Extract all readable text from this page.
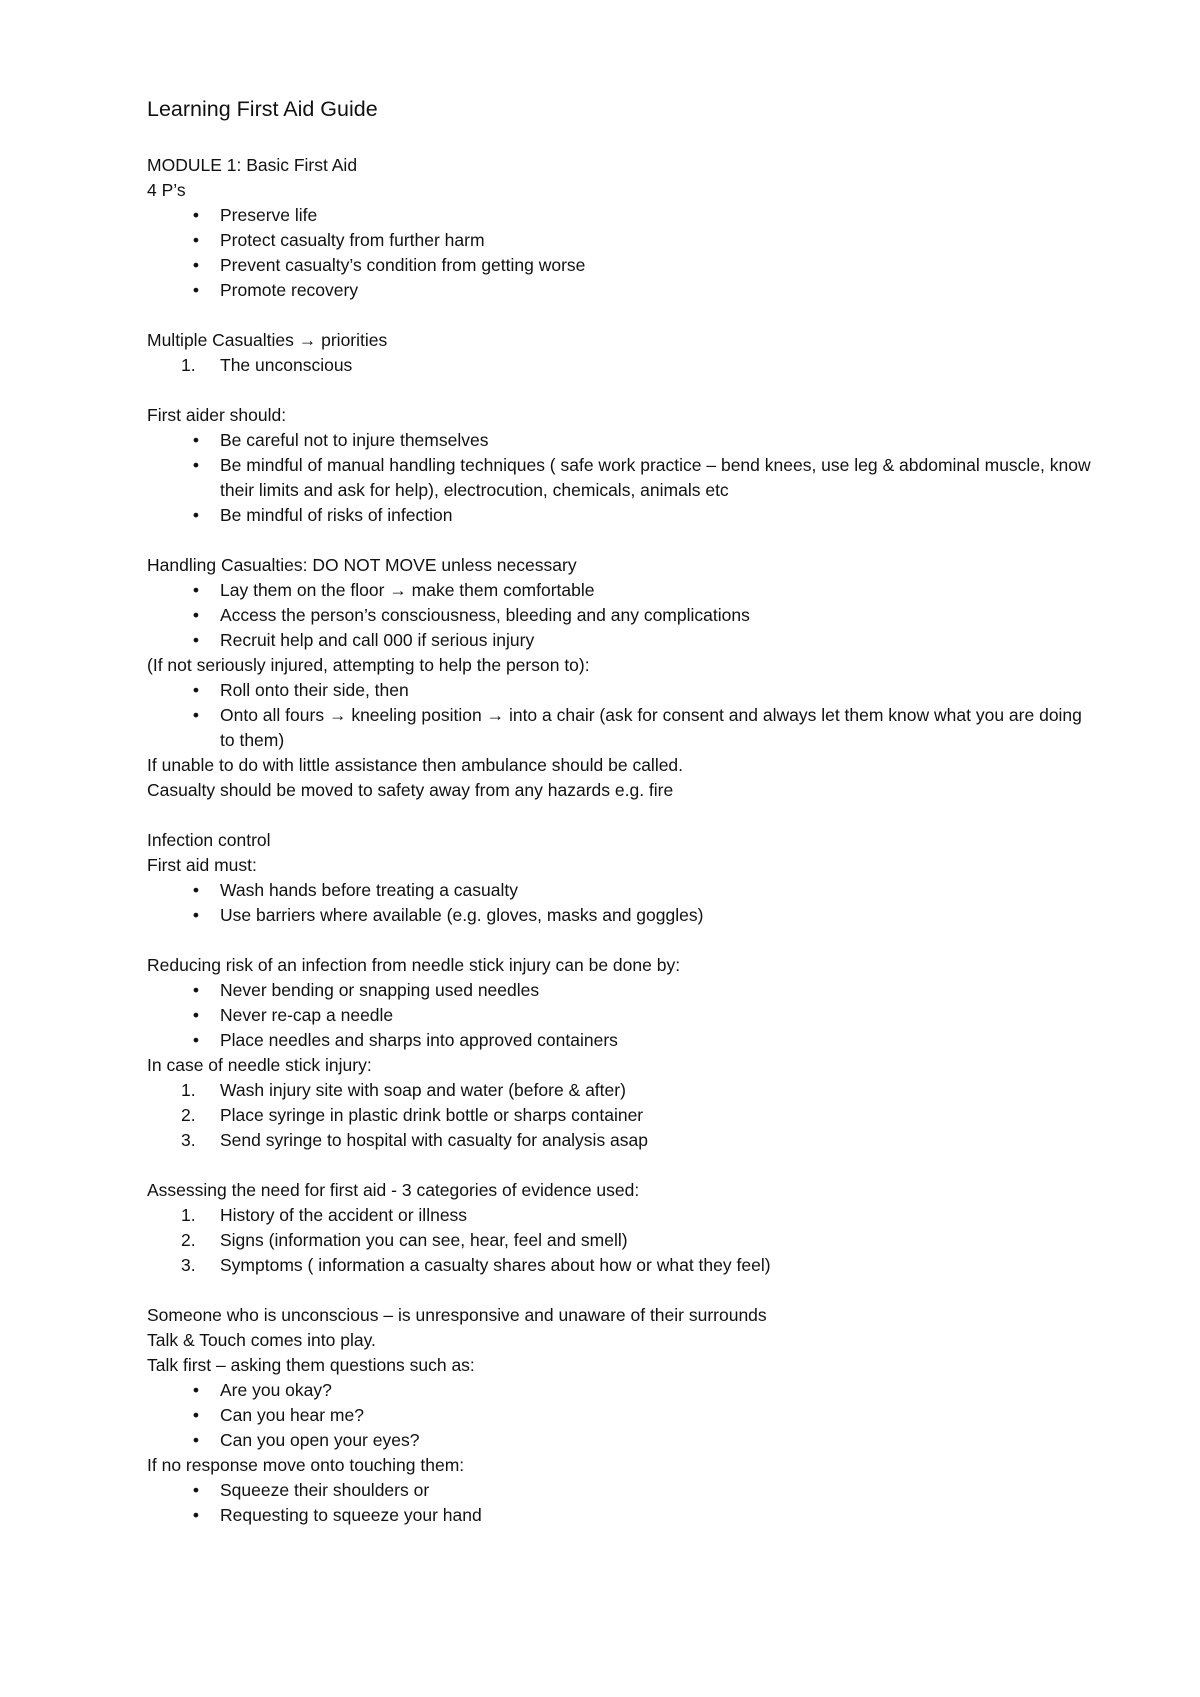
Learning First Aid Guide
MODULE 1: Basic First Aid
4 P’s
•	Preserve life
•	Protect casualty from further harm
•	Prevent casualty’s condition from getting worse
•	Promote recovery
Multiple Casualties → priorities
1.	The unconscious
First aider should:
•	Be careful not to injure themselves
•	Be mindful of manual handling techniques ( safe work practice – bend knees, use leg & abdominal muscle, know their limits and ask for help), electrocution, chemicals, animals etc
•	Be mindful of risks of infection
Handling Casualties: DO NOT MOVE unless necessary
•	Lay them on the floor → make them comfortable
•	Access the person’s consciousness, bleeding and any complications
•	Recruit help and call 000 if serious injury
(If not seriously injured, attempting to help the person to):
•	Roll onto their side, then
•	Onto all fours → kneeling position → into a chair (ask for consent and always let them know what you are doing to them)
If unable to do with little assistance then ambulance should be called.
Casualty should be moved to safety away from any hazards e.g. fire
Infection control
First aid must:
•	Wash hands before treating a casualty
•	Use barriers where available (e.g. gloves, masks and goggles)
Reducing risk of an infection from needle stick injury can be done by:
•	Never bending or snapping used needles
•	Never re-cap a needle
•	Place needles and sharps into approved containers
In case of needle stick injury:
1.	Wash injury site with soap and water (before & after)
2.	Place syringe in plastic drink bottle or sharps container
3.	Send syringe to hospital with casualty for analysis asap
Assessing the need for first aid - 3 categories of evidence used:
1.	History of the accident or illness
2.	Signs (information you can see, hear, feel and smell)
3.	Symptoms ( information a casualty shares about how or what they feel)
Someone who is unconscious – is unresponsive and unaware of their surrounds
Talk & Touch comes into play.
Talk first – asking them questions such as:
•	Are you okay?
•	Can you hear me?
•	Can you open your eyes?
If no response move onto touching them:
•	Squeeze their shoulders or
•	Requesting to squeeze your hand
